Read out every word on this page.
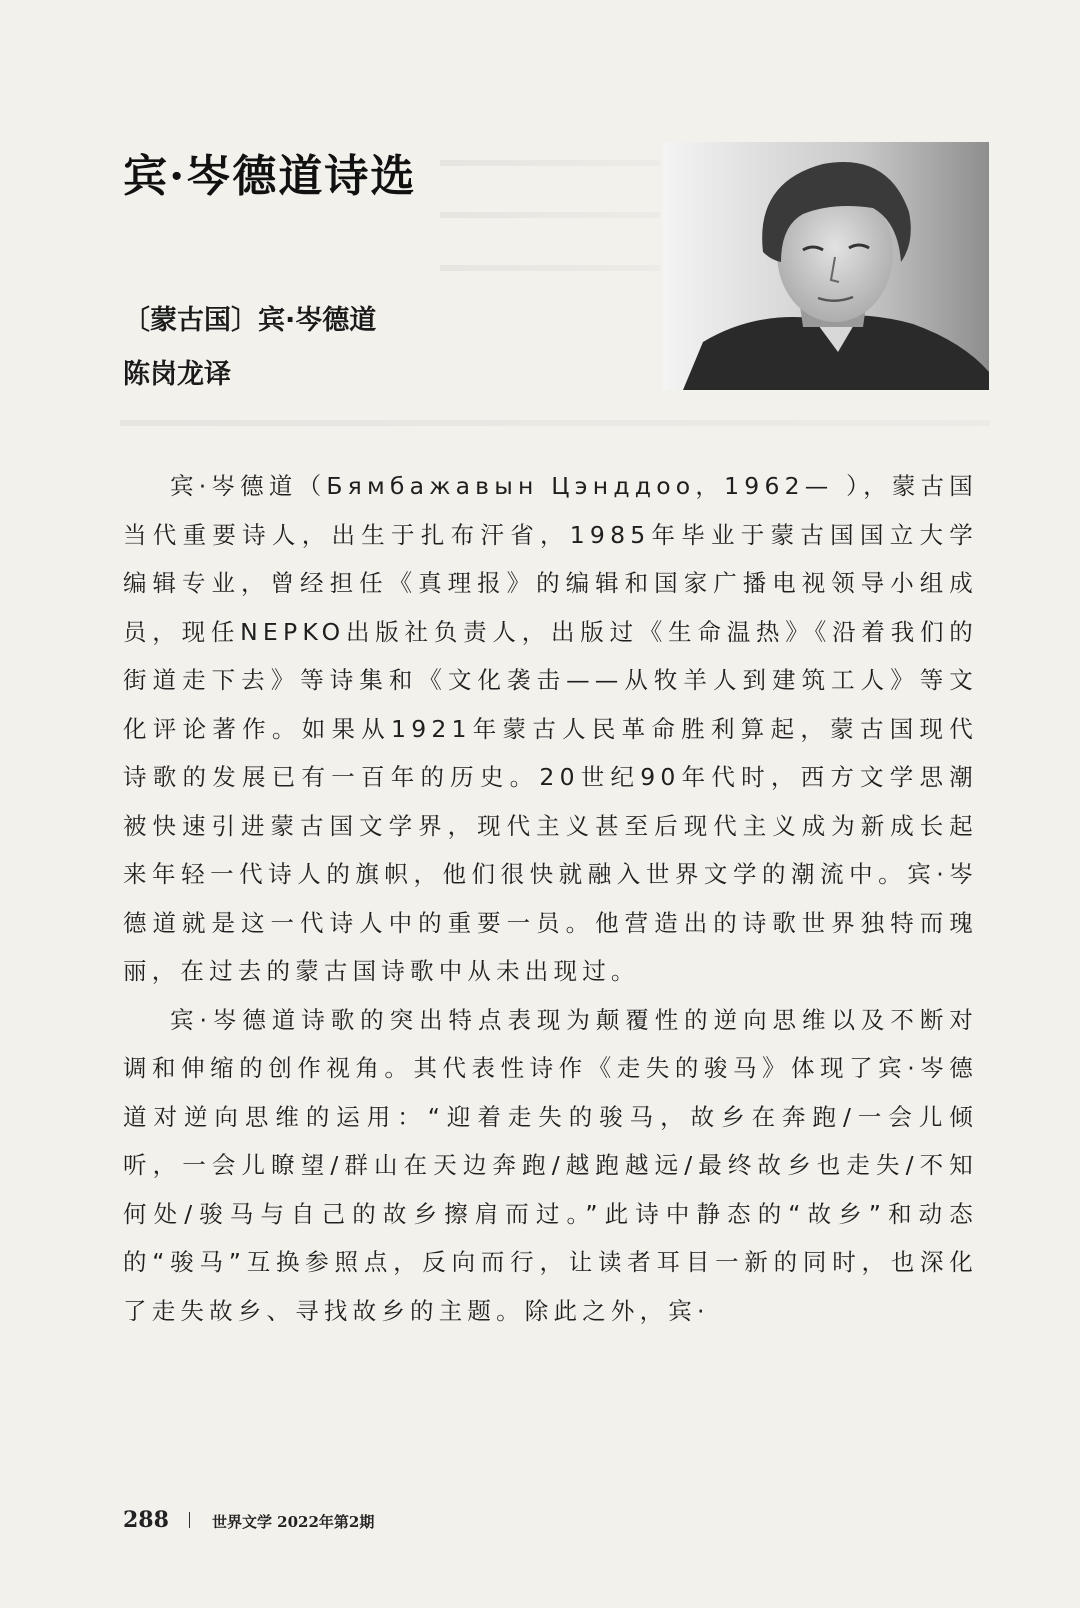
宾·岑德道诗选
〔蒙古国〕宾·岑德道
陈岗龙译

宾·岑德道（Бямбажавын Цэнддоо，1962— ），蒙古国当代重要诗人，出生于扎布汗省，1985年毕业于蒙古国国立大学编辑专业，曾经担任《真理报》的编辑和国家广播电视领导小组成员，现任NEPKO出版社负责人，出版过《生命温热》《沿着我们的街道走下去》等诗集和《文化袭击——从牧羊人到建筑工人》等文化评论著作。如果从1921年蒙古人民革命胜利算起，蒙古国现代诗歌的发展已有一百年的历史。20世纪90年代时，西方文学思潮被快速引进蒙古国文学界，现代主义甚至后现代主义成为新成长起来年轻一代诗人的旗帜，他们很快就融入世界文学的潮流中。宾·岑德道就是这一代诗人中的重要一员。他营造出的诗歌世界独特而瑰丽，在过去的蒙古国诗歌中从未出现过。

宾·岑德道诗歌的突出特点表现为颠覆性的逆向思维以及不断对调和伸缩的创作视角。其代表性诗作《走失的骏马》体现了宾·岑德道对逆向思维的运用：“迎着走失的骏马，故乡在奔跑/一会儿倾听，一会儿瞭望/群山在天边奔跑/越跑越远/最终故乡也走失/不知何处/骏马与自己的故乡擦肩而过。”此诗中静态的“故乡”和动态的“骏马”互换参照点，反向而行，让读者耳目一新的同时，也深化了走失故乡、寻找故乡的主题。除此之外，宾·

288	世界文学 2022年第2期
